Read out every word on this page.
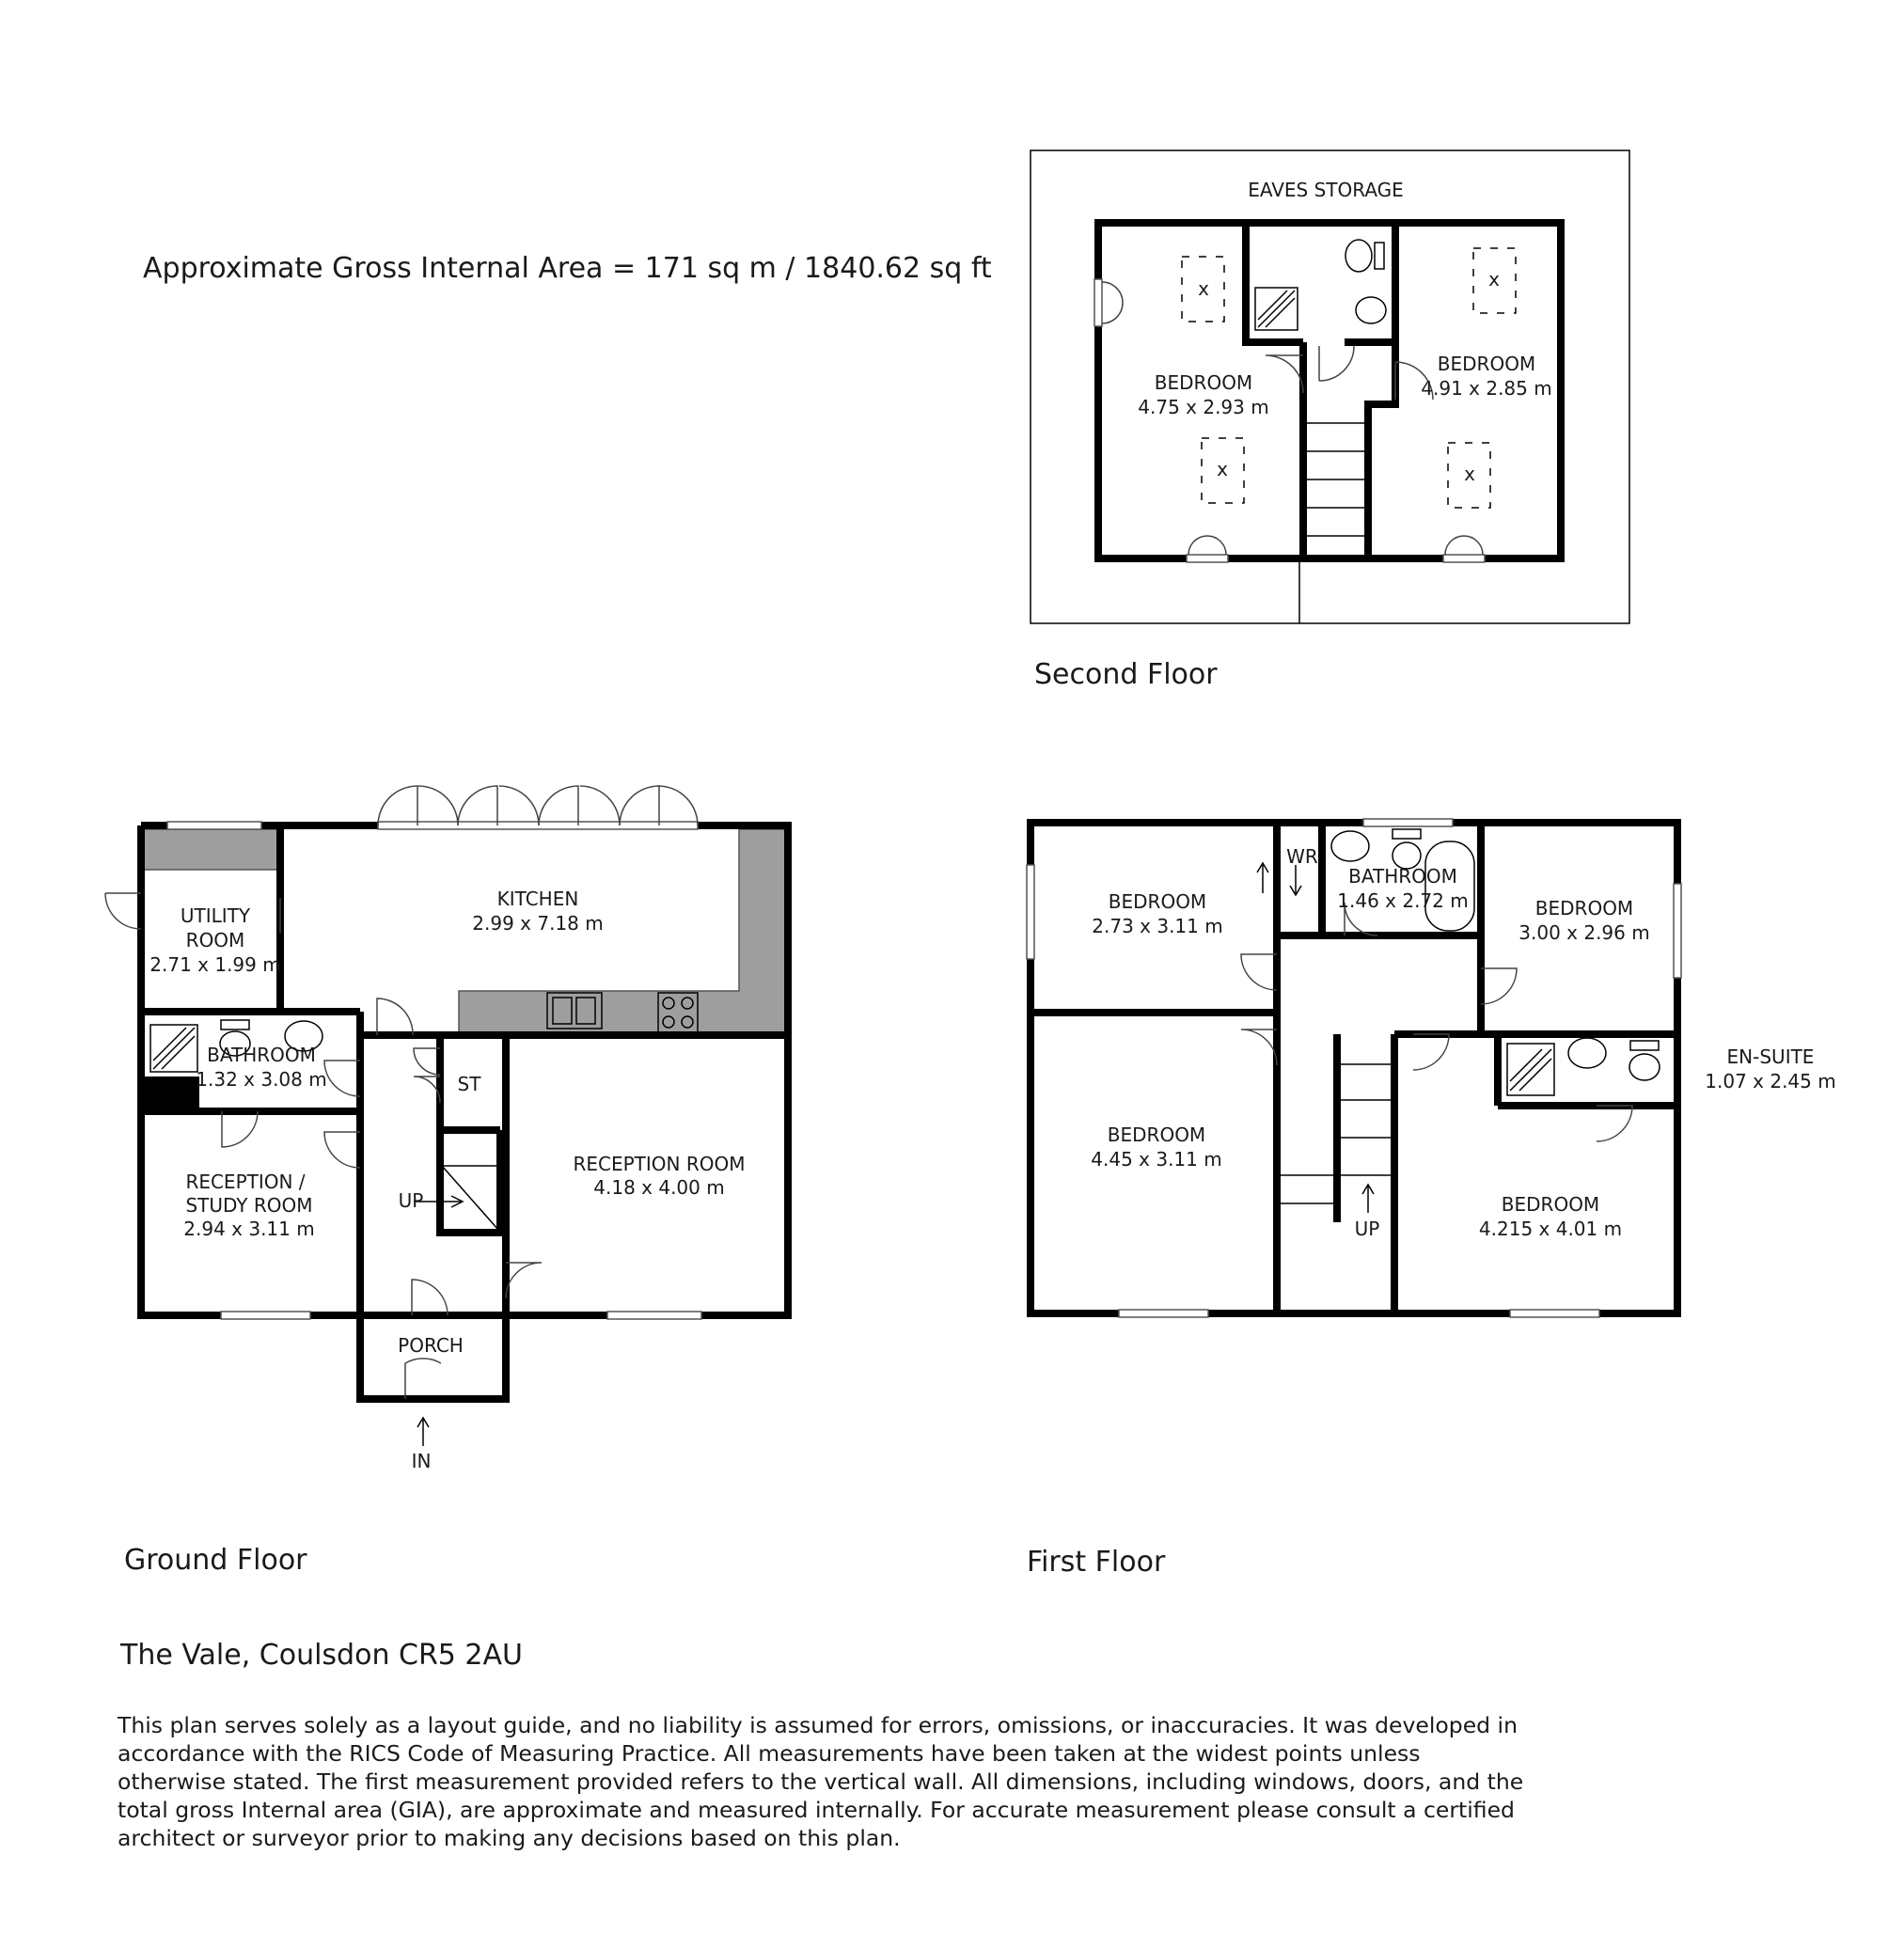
Approximate Gross Internal Area = 171 sq m / 1840.62 sq ft
EAVES STORAGE
x
x
x
x
BEDROOM
4.75 x 2.93 m
BEDROOM
4.91 x 2.85 m
UTILITY
ROOM
2.71 x 1.99 m
KITCHEN
2.99 x 7.18 m
BATHROOM
1.32 x 3.08 m	ST
UP
RECEPTION /
STUDY ROOM
2.94 x 3.11 m
RECEPTION ROOM
4.18 x 4.00 m
PORCH
IN
BEDROOM
2.73 x 3.11 m
WR
BATHROOM
1.46 x 2.72 m	BEDROOM
3.00 x 2.96 m
EN-SUITE
1.07 x 2.45 m
BEDROOM
4.45 x 3.11 m
BEDROOM
4.215 x 4.01 m
UP
Second Floor
Ground Floor	First Floor
The Vale, Coulsdon CR5 2AU
This plan serves solely as a layout guide, and no liability is assumed for errors, omissions, or inaccuracies. It was developed in accordance with the RICS Code of Measuring Practice. All measurements have been taken at the widest points unless otherwise stated. The first measurement provided refers to the vertical wall. All dimensions, including windows, doors, and the total gross Internal area (GIA), are approximate and measured internally. For accurate measurement please consult a certified architect or surveyor prior to making any decisions based on this plan.
